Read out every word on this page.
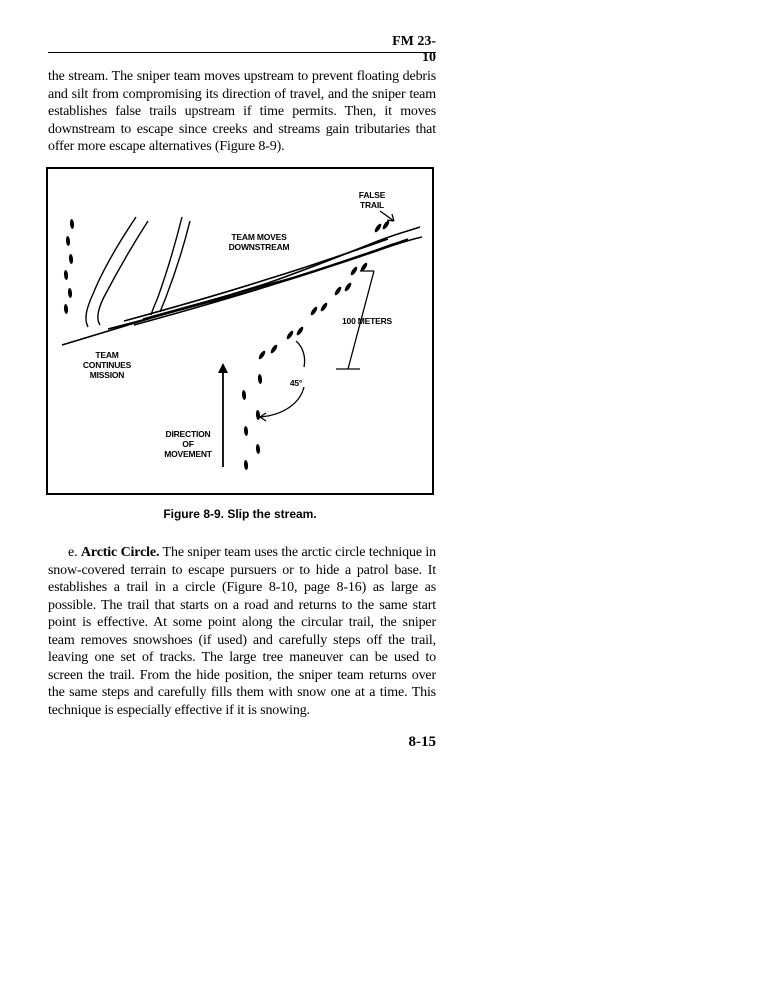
FM 23-10

the stream. The sniper team moves upstream to prevent floating debris and silt from compromising its direction of travel, and the sniper team establishes false trails upstream if time permits. Then, it moves downstream to escape since creeks and streams gain tributaries that offer more escape alternatives (Figure 8-9).

FALSE
TRAIL
TEAM MOVES
DOWNSTREAM
100 METERS
TEAM
CONTINUES
MISSION
45°
DIRECTION
OF
MOVEMENT
Figure 8-9. Slip the stream.

e. Arctic Circle. The sniper team uses the arctic circle technique in snow-covered terrain to escape pursuers or to hide a patrol base. It establishes a trail in a circle (Figure 8-10, page 8-16) as large as possible. The trail that starts on a road and returns to the same start point is effective. At some point along the circular trail, the sniper team removes snowshoes (if used) and carefully steps off the trail, leaving one set of tracks. The large tree maneuver can be used to screen the trail. From the hide position, the sniper team returns over the same steps and carefully fills them with snow one at a time. This technique is especially effective if it is snowing.

8-15
